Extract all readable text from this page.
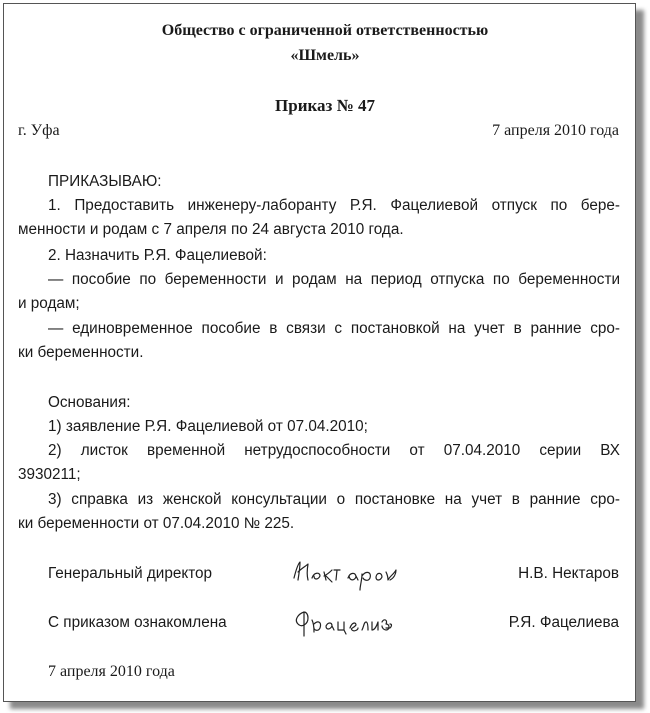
Общество с ограниченной ответственностью
«Шмель»
Приказ № 47
г. Уфа	7 апреля 2010 года
ПРИКАЗЫВАЮ:
1. Предоставить инженеру-лаборанту Р.Я. Фацелиевой отпуск по бере-
менности и родам с 7 апреля по 24 августа 2010 года.
2. Назначить Р.Я. Фацелиевой:
— пособие по беременности и родам на период отпуска по беременности
и родам;
— единовременное пособие в связи с постановкой на учет в ранние сро-
ки беременности.
Основания:
1) заявление Р.Я. Фацелиевой от 07.04.2010;
2) листок временной нетрудоспособности от 07.04.2010 серии ВХ
3930211;
3) справка из женской консультации о постановке на учет в ранние сро-
ки беременности от 07.04.2010 № 225.
Генеральный директор	Н.В. Нектаров
С приказом ознакомлена	Р.Я. Фацелиева
7 апреля 2010 года
